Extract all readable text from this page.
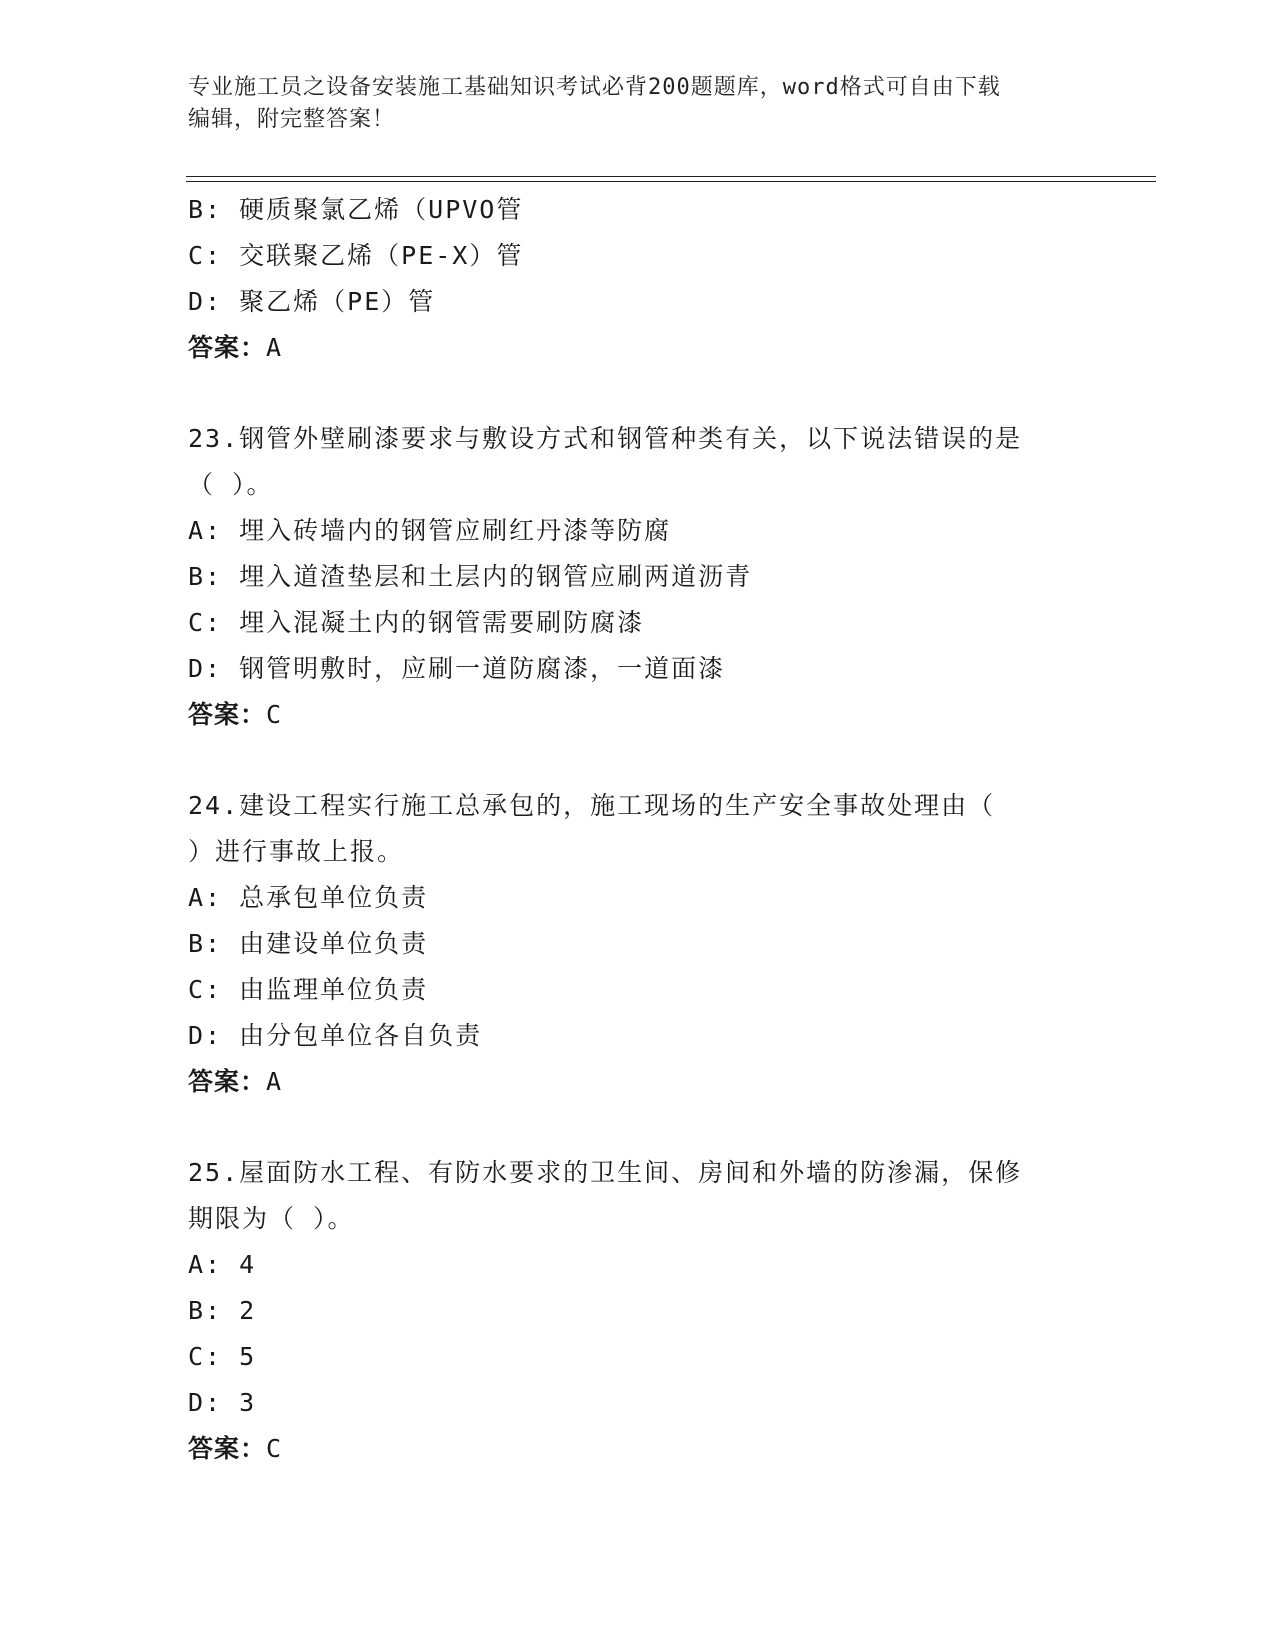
专业施工员之设备安装施工基础知识考试必背200题题库，word格式可自由下载
编辑，附完整答案！
B: 硬质聚氯乙烯（UPVO管
C: 交联聚乙烯（PE-X）管
D: 聚乙烯（PE）管
答案：A
23.钢管外壁刷漆要求与敷设方式和钢管种类有关，以下说法错误的是
（ ）。
A: 埋入砖墙内的钢管应刷红丹漆等防腐
B: 埋入道渣垫层和土层内的钢管应刷两道沥青
C: 埋入混凝土内的钢管需要刷防腐漆
D: 钢管明敷时，应刷一道防腐漆，一道面漆
答案：C
24.建设工程实行施工总承包的，施工现场的生产安全事故处理由（
）进行事故上报。
A: 总承包单位负责
B: 由建设单位负责
C: 由监理单位负责
D: 由分包单位各自负责
答案：A
25.屋面防水工程、有防水要求的卫生间、房间和外墙的防渗漏，保修
期限为（ ）。
A: 4
B: 2
C: 5
D: 3
答案：C
